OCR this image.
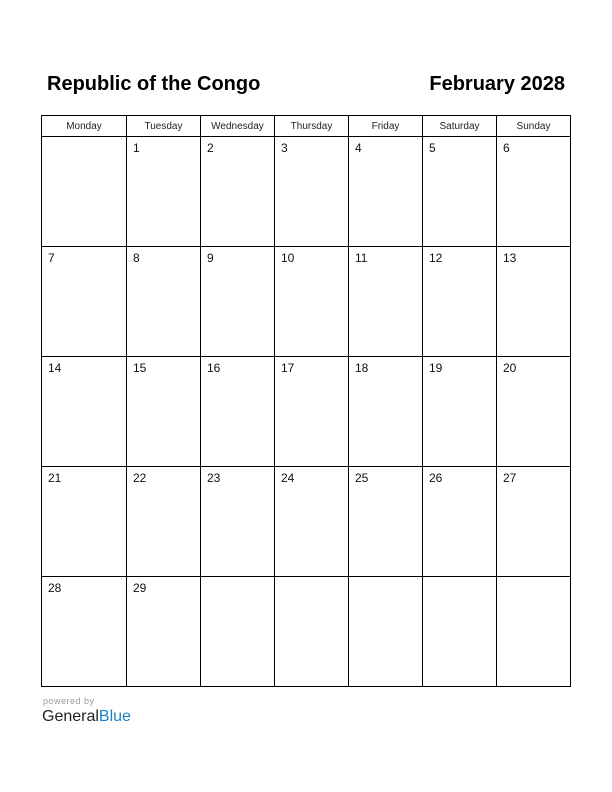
Republic of the Congo	February 2028
Monday	Tuesday	Wednesday	Thursday	Friday	Saturday	Sunday

	1	2	3	4	5	6

7	8	9	10	11	12	13

14	15	16	17	18	19	20

21	22	23	24	25	26	27

28	29					

powered by
GeneralBlue
